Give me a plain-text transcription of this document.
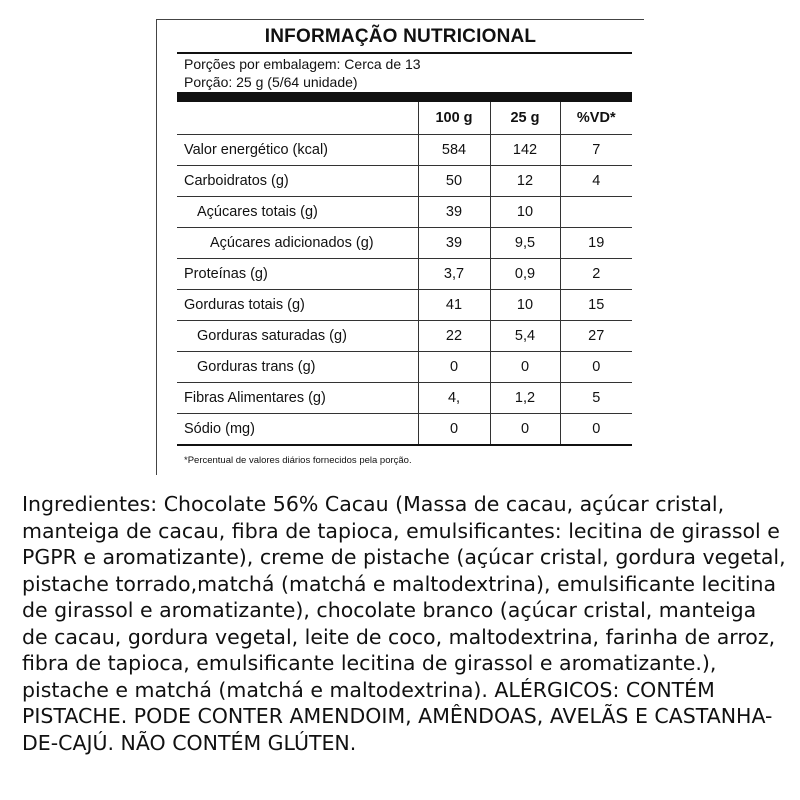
INFORMAÇÃO NUTRICIONAL
Porções por embalagem: Cerca de 13
Porção: 25 g (5/64 unidade)
	100 g	25 g	%VD*
Valor energético (kcal)	584	142	7
Carboidratos (g)	50	12	4
Açúcares totais (g)	39	10	
Açúcares adicionados (g)	39	9,5	19
Proteínas (g)	3,7	0,9	2
Gorduras totais (g)	41	10	15
Gorduras saturadas (g)	22	5,4	27
Gorduras trans (g)	0	0	0
Fibras Alimentares (g)	4,	1,2	5
Sódio (mg)	0	0	0
*Percentual de valores diários fornecidos pela porção.
Ingredientes: Chocolate 56% Cacau (Massa de cacau, açúcar cristal, manteiga de cacau, fibra de tapioca, emulsificantes: lecitina de girassol e PGPR e aromatizante), creme de pistache (açúcar cristal, gordura vegetal, pistache torrado,matchá (matchá e maltodextrina), emulsificante lecitina de girassol e aromatizante), chocolate branco (açúcar cristal, manteiga de cacau, gordura vegetal, leite de coco, maltodextrina, farinha de arroz, fibra de tapioca, emulsificante lecitina de girassol e aromatizante.), pistache e matchá (matchá e maltodextrina). ALÉRGICOS: CONTÉM PISTACHE. PODE CONTER AMENDOIM, AMÊNDOAS, AVELÃS E CASTANHA-DE-CAJÚ. NÃO CONTÉM GLÚTEN.
